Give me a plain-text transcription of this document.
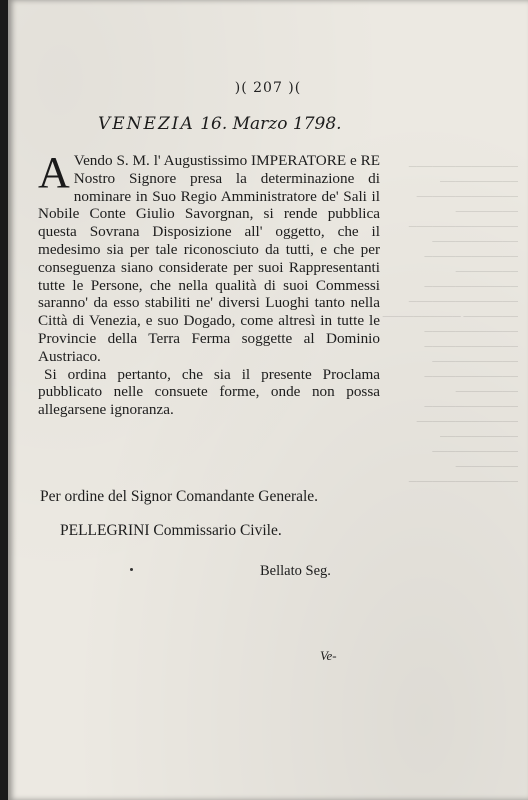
────────────── ────────── ───────────── ──────── ────────────── ─────────── ──────────── ──────── ──────────── ────────────── ─────── ────────── ──────────── ──────────── ─────────── ──────────── ──────── ──────────── ───────────── ────────── ─────────── ──────── ──────────────
)( 207 )(
VENEZIA 16. Marzo 1798.

A Vendo S. M. l' Augustissimo IMPERATORE e RE Nostro Signore presa la determinazione di nominare in Suo Regio Amministratore de' Sali il Nobile Conte Giulio Savorgnan, si rende pubblica questa Sovrana Disposizione all' oggetto, che il medesimo sia per tale riconosciuto da tutti, e che per conseguenza siano considerate per suoi Rappresentanti tutte le Persone, che nella qualità di suoi Commessi saranno' da esso stabiliti ne' diversi Luoghi tanto nella Città di Venezia, e suo Dogado, come altresì in tutte le Provincie della Terra Ferma soggette al Dominio Austriaco.

Si ordina pertanto, che sia il presente Proclama pubblicato nelle consuete forme, onde non possa allegarsene ignoranza.

Per ordine del Signor Comandante Generale.
PELLEGRINI Commissario Civile.
Bellato Seg.
Ve-
